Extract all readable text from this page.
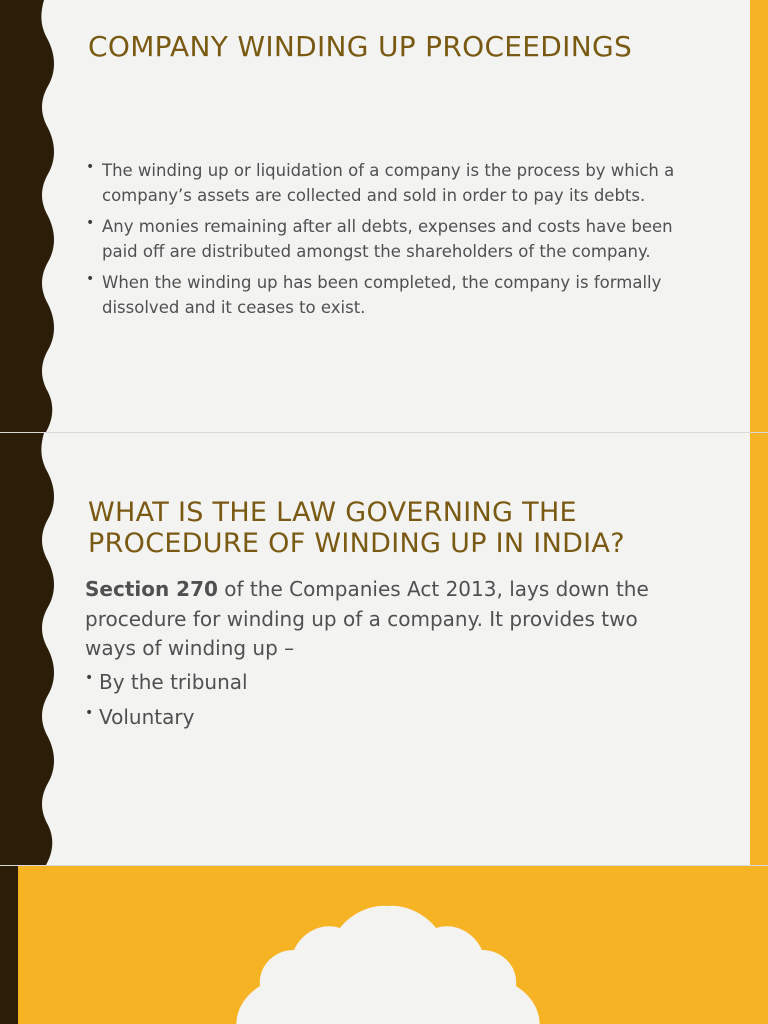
COMPANY WINDING UP PROCEEDINGS
• The winding up or liquidation of a company is the process by which a company’s assets are collected and sold in order to pay its debts.
• Any monies remaining after all debts, expenses and costs have been paid off are distributed amongst the shareholders of the company.
• When the winding up has been completed, the company is formally dissolved and it ceases to exist.
WHAT IS THE LAW GOVERNING THE PROCEDURE OF WINDING UP IN INDIA?

Section 270 of the Companies Act 2013, lays down the procedure for winding up of a company. It provides two ways of winding up –

• By the tribunal
• Voluntary
